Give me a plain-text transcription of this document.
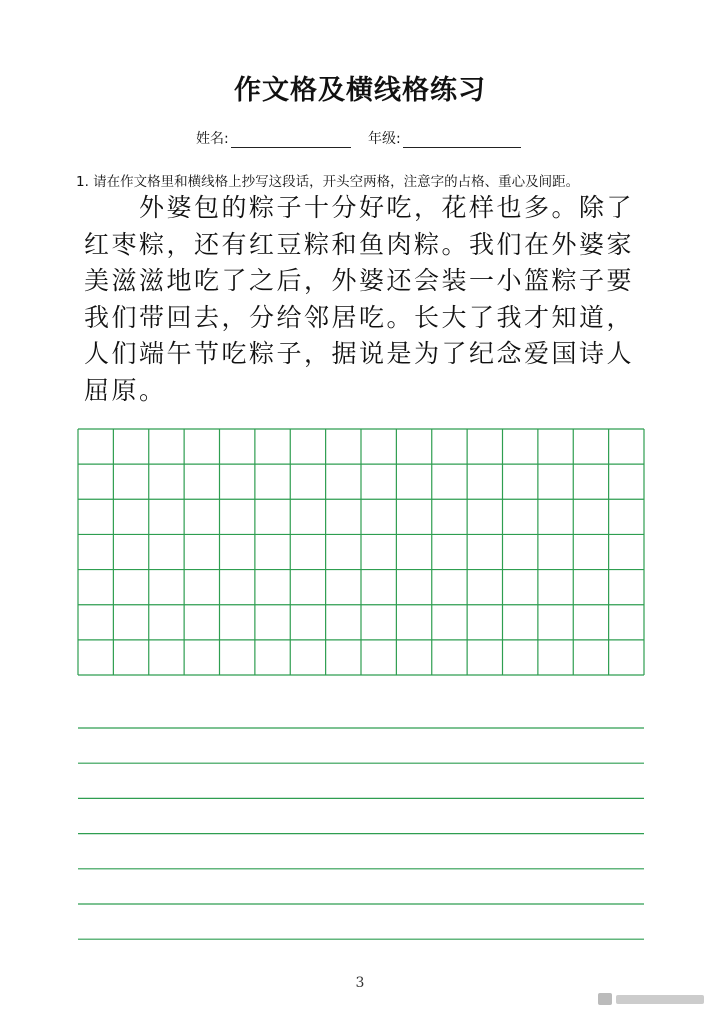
作文格及横线格练习
姓名:	年级:
1. 请在作文格里和横线格上抄写这段话，开头空两格，注意字的占格、重心及间距。

　　外婆包的粽子十分好吃，花样也多。除了

红枣粽，还有红豆粽和鱼肉粽。我们在外婆家

美滋滋地吃了之后，外婆还会装一小篮粽子要

我们带回去，分给邻居吃。长大了我才知道，

人们端午节吃粽子，据说是为了纪念爱国诗人

屈原。

3
